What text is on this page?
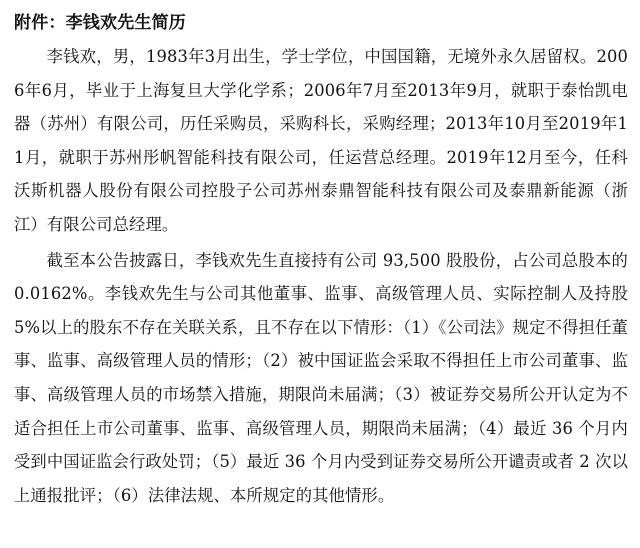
附件：李钱欢先生简历

李钱欢，男，1983年3月出生，学士学位，中国国籍，无境外永久居留权。2006年6月，毕业于上海复旦大学化学系；2006年7月至2013年9月，就职于泰怡凯电器（苏州）有限公司，历任采购员，采购科长，采购经理；2013年10月至2019年11月，就职于苏州彤帆智能科技有限公司，任运营总经理。2019年12月至今，任科沃斯机器人股份有限公司控股子公司苏州泰鼎智能科技有限公司及泰鼎新能源（浙江）有限公司总经理。

截至本公告披露日，李钱欢先生直接持有公司 93,500 股股份，占公司总股本的 0.0162%。李钱欢先生与公司其他董事、监事、高级管理人员、实际控制人及持股 5%以上的股东不存在关联关系，且不存在以下情形：（1）《公司法》规定不得担任董事、监事、高级管理人员的情形；（2）被中国证监会采取不得担任上市公司董事、监事、高级管理人员的市场禁入措施，期限尚未届满；（3）被证券交易所公开认定为不适合担任上市公司董事、监事、高级管理人员，期限尚未届满；（4）最近 36 个月内受到中国证监会行政处罚；（5）最近 36 个月内受到证券交易所公开谴责或者 2 次以上通报批评；（6）法律法规、本所规定的其他情形。
